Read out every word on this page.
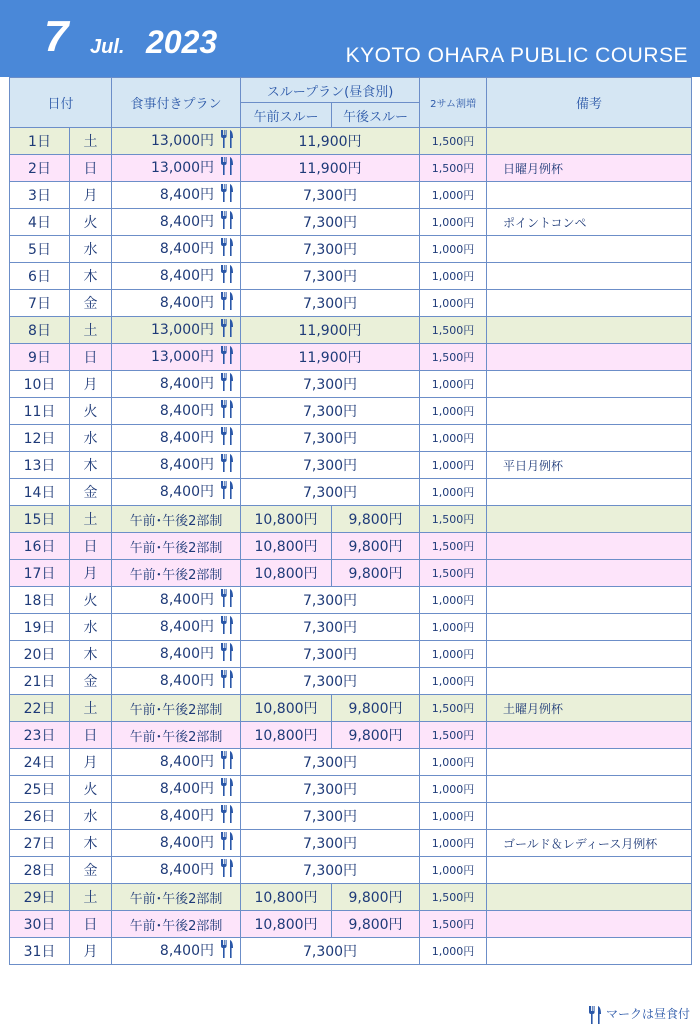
7 Jul. 2023	KYOTO OHARA PUBLIC COURSE
日付		食事付きプラン	スループラン(昼食別)		2サム割増	備考
			午前スルー	午後スルー		
1日	土	13,000円	11,900円		1,500円	
2日	日	13,000円	11,900円		1,500円	日曜月例杯
3日	月	8,400円	7,300円		1,000円	
4日	火	8,400円	7,300円		1,000円	ポイントコンペ
5日	水	8,400円	7,300円		1,000円	
6日	木	8,400円	7,300円		1,000円	
7日	金	8,400円	7,300円		1,000円	
8日	土	13,000円	11,900円		1,500円	
9日	日	13,000円	11,900円		1,500円	
10日	月	8,400円	7,300円		1,000円	
11日	火	8,400円	7,300円		1,000円	
12日	水	8,400円	7,300円		1,000円	
13日	木	8,400円	7,300円		1,000円	平日月例杯
14日	金	8,400円	7,300円		1,000円	
15日	土	午前･午後2部制	10,800円	9,800円	1,500円	
16日	日	午前･午後2部制	10,800円	9,800円	1,500円	
17日	月	午前･午後2部制	10,800円	9,800円	1,500円	
18日	火	8,400円	7,300円		1,000円	
19日	水	8,400円	7,300円		1,000円	
20日	木	8,400円	7,300円		1,000円	
21日	金	8,400円	7,300円		1,000円	
22日	土	午前･午後2部制	10,800円	9,800円	1,500円	土曜月例杯
23日	日	午前･午後2部制	10,800円	9,800円	1,500円	
24日	月	8,400円	7,300円		1,000円	
25日	火	8,400円	7,300円		1,000円	
26日	水	8,400円	7,300円		1,000円	
27日	木	8,400円	7,300円		1,000円	ゴールド＆レディース月例杯
28日	金	8,400円	7,300円		1,000円	
29日	土	午前･午後2部制	10,800円	9,800円	1,500円	
30日	日	午前･午後2部制	10,800円	9,800円	1,500円	
31日	月	8,400円	7,300円		1,000円	
マークは昼食付
